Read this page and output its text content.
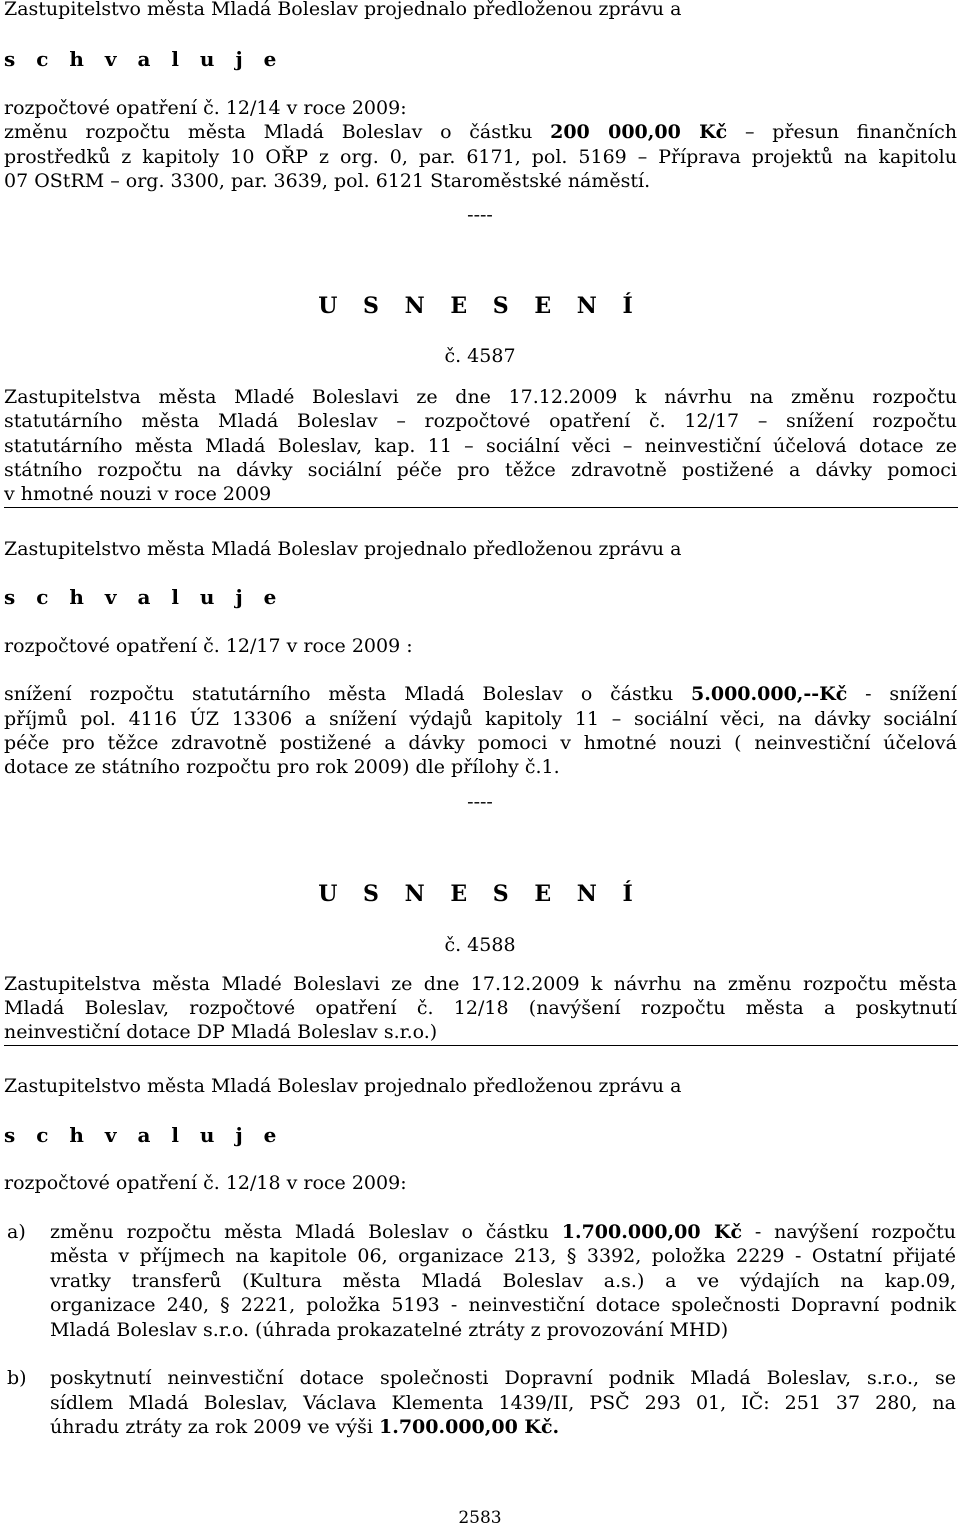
Zastupitelstvo města Mladá Boleslav projednalo předloženou zprávu a
s c h v a l u j e
rozpočtové opatření č. 12/14 v roce 2009:
změnu rozpočtu města Mladá Boleslav o částku 200 000,00 Kč – přesun finančních
prostředků z kapitoly 10 OŘP z org. 0, par. 6171, pol. 5169 – Příprava projektů na kapitolu
07 OStRM – org. 3300, par. 3639, pol. 6121 Staroměstské náměstí.
----
U S N E S E N Í
č. 4587
Zastupitelstva města Mladé Boleslavi ze dne 17.12.2009 k návrhu na změnu rozpočtu
statutárního města Mladá Boleslav – rozpočtové opatření č. 12/17 – snížení rozpočtu
statutárního města Mladá Boleslav, kap. 11 – sociální věci – neinvestiční účelová dotace ze
státního rozpočtu na dávky sociální péče pro těžce zdravotně postižené a dávky pomoci
v hmotné nouzi v roce 2009
Zastupitelstvo města Mladá Boleslav projednalo předloženou zprávu a
s c h v a l u j e
rozpočtové opatření č. 12/17 v roce 2009 :
snížení rozpočtu statutárního města Mladá Boleslav o částku 5.000.000,--Kč - snížení
příjmů pol. 4116 ÚZ 13306 a snížení výdajů kapitoly 11 – sociální věci, na dávky sociální
péče pro těžce zdravotně postižené a dávky pomoci v hmotné nouzi ( neinvestiční účelová
dotace ze státního rozpočtu pro rok 2009) dle přílohy č.1.
----
U S N E S E N Í
č. 4588
Zastupitelstva města Mladé Boleslavi ze dne 17.12.2009 k návrhu na změnu rozpočtu města
Mladá Boleslav, rozpočtové opatření č. 12/18 (navýšení rozpočtu města a poskytnutí
neinvestiční dotace DP Mladá Boleslav s.r.o.)
Zastupitelstvo města Mladá Boleslav projednalo předloženou zprávu a
s c h v a l u j e
rozpočtové opatření č. 12/18 v roce 2009:
a) změnu rozpočtu města Mladá Boleslav o částku 1.700.000,00 Kč - navýšení rozpočtu
města v příjmech na kapitole 06, organizace 213, § 3392, položka 2229 - Ostatní přijaté
vratky transferů (Kultura města Mladá Boleslav a.s.) a ve výdajích na kap.09,
organizace 240, § 2221, položka 5193 - neinvestiční dotace společnosti Dopravní podnik
Mladá Boleslav s.r.o. (úhrada prokazatelné ztráty z provozování MHD)
b) poskytnutí neinvestiční dotace společnosti Dopravní podnik Mladá Boleslav, s.r.o., se
sídlem Mladá Boleslav, Václava Klementa 1439/II, PSČ 293 01, IČ: 251 37 280, na
úhradu ztráty za rok 2009 ve výši 1.700.000,00 Kč.
2583
